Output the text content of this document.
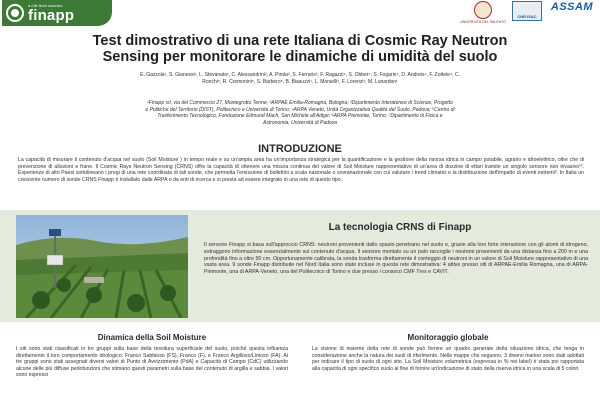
a Life from cosmics
finapp	UNIVERSITÀ DEL SALENTO
CNR ISAC
ASSAM
Test dimostrativo di una rete Italiana di Cosmic Ray Neutron
Sensing per monitorare le dinamiche di umidità del suolo
E. Gazzola¹, S. Gianessi¹, L. Stevanato¹, C. Alessandrini², A. Pirola², S. Ferraris³, F. Ragazzi⁴, S. Obber⁴, S. Fogarin⁴, D. Andreis⁴, F. Zottele⁴, C.
Ronchi⁵, R. Cremonini⁵, S. Barbero⁵, B. Biasuzzi¹, L. Morselli¹, F. Lorenzi¹, M. Lunardon¹
¹Finapp srl, via del Commercio 27, Montegrotto Terme; ²ARPAE Emilia-Romagna, Bologna; ³Dipartimento Interateneo di Scienze, Progetto
e Politiche del Territorio (DIST), Politecnico e Università di Torino; ⁴ARPA Veneto, Unità Organizzativa Qualità del Suolo, Padova; ⁵Centro di
Trasferimento Tecnologico, Fondazione Edmund Mach, San Michele all'Adige; ⁶ARPA Piemonte, Torino; ⁷Dipartimento di Fisica e
Astronomia, Università di Padova
INTRODUZIONE
La capacità di misurare il contenuto d'acqua nel suolo (Soil Moisture ) in tempo reale e su un'ampia area ha un'importanza strategica per la quantificazione e la gestione della risorsa idrica in campo potabile, agrario e idroelettrico, oltre che di prevenzione di alluvioni e frane. Il Cosmic Rays Neutron Sensing (CRNS) offre la capacità di ottenere una misura continua del valore di Soil Moisture rappresentativo di un'area di dozzine di ettari tramite un singolo sensore non invasivo¹². Esperienze di altri Paesi sottolineano i pregi di una rete coordinata di tali sonde, che permetta l'emissione di bollettini a scala nazionale o sovranazionale con cui valutare i trend climatici e la distribuzione dell'impatto di eventi estremi³. In Italia un crescente numero di sonde CRNS Finapp è installato dalle ARPA o da enti di ricerca e si presta ad essere integrato in una rete di questo tipo.
La tecnologia CRNS di Finapp
Il sensore Finapp si basa sull'approccio CRNS: neutroni provenienti dallo spazio penetrano nel suolo e, grazie alla loro forte interazione con gli atomi di idrogeno, estraggono informazione essenzialmente sul contenuto d'acqua. Il sensore montato su un palo raccoglie i neutroni provenienti da una distanza fino a 200 m e una profondità fino a oltre 50 cm. Opportunamente calibrata, la sonda trasforma direttamente il conteggio di neutroni in un valore di Soil Moisture rappresentativo di una vasta area. 9 sonde Finapp distribuite nel Nord Italia sono state incluse in questa rete dimostrativa: 4 attive presso siti di ARPAE-Emilia Romagna, una di ARPA-Piemonte, una di ARPA-Veneto, una del Politecnico di Torino e due presso i consorzi CMF Tres e CAVIT.
Dinamica della Soil Moisture
I siti sono stati classificati in tre gruppi sulla base della tessitura superficiale del suolo, poiché questa influenza direttamente il loro comportamento idrologico: Franco Sabbioso (FS), Franco (F), e Franco Argilloso/Limoso (FA). Ai tre gruppi sono stati assegnati diversi valori di Punto di Avvizzimento (PdA) e Capacità di Campo (CdC) utilizzando alcune delle più diffuse pedofunzioni che stimano questi parametri sulla base del contenuto di argilla e sabbia. I valori sono espressi
Monitoraggio globale
La visione di insieme della rete di sonde può fornire un quadro generale della situazione idrica, che tenga in considerazione anche la natura dei suoli di riferimento. Nelle mappe che seguono, 3 diversi marker sono stati adottati per indicare il tipo di suolo di ogni sito. La Soil Moisture volumetrica (espressa in % nei label) è stata poi rapportata alla capacità di ogni specifico suolo al fine di fornire un'indicazione di stato della riserva idrica in una scala di 5 colori.
